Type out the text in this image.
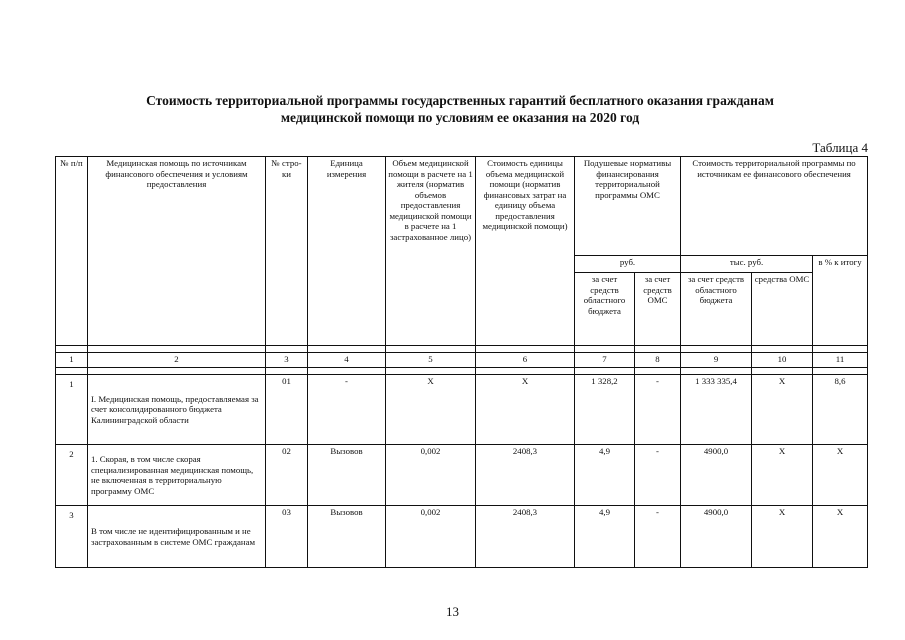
Стоимость территориальной программы государственных гарантий бесплатного оказания гражданам
медицинской помощи по условиям ее оказания на 2020 год
Таблица 4
№ п/п	Медицинская помощь по источникам финансового обеспечения и условиям предоставления	№ стро-ки	Единица измерения	Объем медицинской помощи в расчете на 1 жителя (норматив объемов предоставления медицинской помощи в расчете на 1 застрахованное лицо)	Стоимость единицы объема медицинской помощи (норматив финансовых затрат на единицу объема предоставления медицинской помощи)	Подушевые нормативы финансирования территориальной программы ОМС		Стоимость территориальной программы по источникам ее финансового обеспечения		
						руб.		тыс. руб.		в % к итогу
						за счет средств областного бюджета	за счет средств ОМС	за счет средств областного бюджета	средства ОМС	

1	2	3	4	5	6	7	8	9	10	11

1	I. Медицинская помощь, предоставляемая за счет консолидированного бюджета Калининградской области	01	-	X	X	1 328,2	-	1 333 335,4	X	8,6
2	1. Скорая, в том числе скорая специализированная медицинская помощь, не включенная в территориальную программу ОМС	02	Вызовов	0,002	2408,3	4,9	-	4900,0	X	X
3	В том числе не идентифицированным и не застрахованным в системе ОМС гражданам	03	Вызовов	0,002	2408,3	4,9	-	4900,0	X	X
13
